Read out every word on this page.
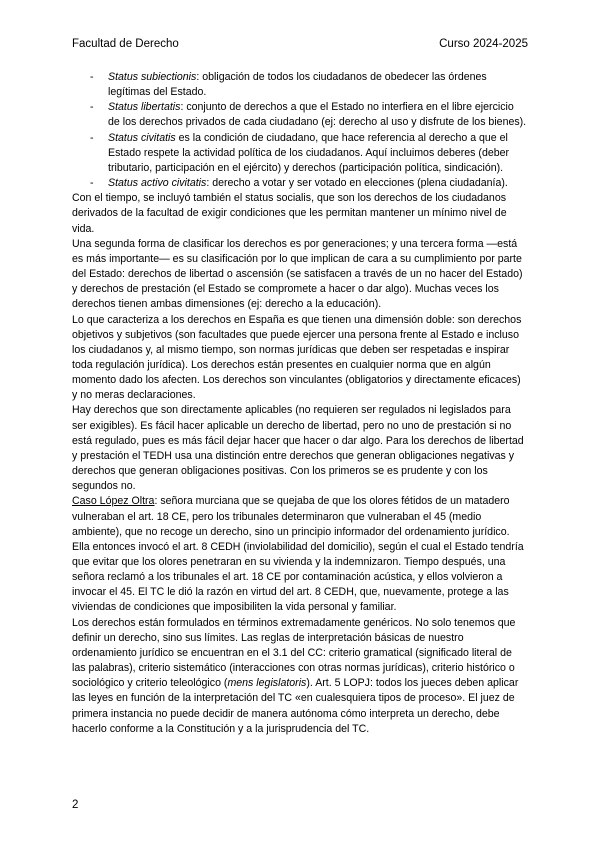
Facultad de Derecho	Curso 2024-2025
- Status subiectionis: obligación de todos los ciudadanos de obedecer las órdenes legítimas del Estado.
- Status libertatis: conjunto de derechos a que el Estado no interfiera en el libre ejercicio de los derechos privados de cada ciudadano (ej: derecho al uso y disfrute de los bienes).
- Status civitatis es la condición de ciudadano, que hace referencia al derecho a que el Estado respete la actividad política de los ciudadanos. Aquí incluimos deberes (deber tributario, participación en el ejército) y derechos (participación política, sindicación).
- Status activo civitatis: derecho a votar y ser votado en elecciones (plena ciudadanía).

Con el tiempo, se incluyó también el status socialis, que son los derechos de los ciudadanos derivados de la facultad de exigir condiciones que les permitan mantener un mínimo nivel de vida.

Una segunda forma de clasificar los derechos es por generaciones; y una tercera forma —está es más importante— es su clasificación por lo que implican de cara a su cumplimiento por parte del Estado: derechos de libertad o ascensión (se satisfacen a través de un no hacer del Estado) y derechos de prestación (el Estado se compromete a hacer o dar algo). Muchas veces los derechos tienen ambas dimensiones (ej: derecho a la educación).

Lo que caracteriza a los derechos en España es que tienen una dimensión doble: son derechos objetivos y subjetivos (son facultades que puede ejercer una persona frente al Estado e incluso los ciudadanos y, al mismo tiempo, son normas jurídicas que deben ser respetadas e inspirar toda regulación jurídica). Los derechos están presentes en cualquier norma que en algún momento dado los afecten. Los derechos son vinculantes (obligatorios y directamente eficaces) y no meras declaraciones.

Hay derechos que son directamente aplicables (no requieren ser regulados ni legislados para ser exigibles). Es fácil hacer aplicable un derecho de libertad, pero no uno de prestación si no está regulado, pues es más fácil dejar hacer que hacer o dar algo. Para los derechos de libertad y prestación el TEDH usa una distinción entre derechos que generan obligaciones negativas y derechos que generan obligaciones positivas. Con los primeros se es prudente y con los segundos no.

Caso López Oltra: señora murciana que se quejaba de que los olores fétidos de un matadero vulneraban el art. 18 CE, pero los tribunales determinaron que vulneraban el 45 (medio ambiente), que no recoge un derecho, sino un principio informador del ordenamiento jurídico. Ella entonces invocó el art. 8 CEDH (inviolabilidad del domicilio), según el cual el Estado tendría que evitar que los olores penetraran en su vivienda y la indemnizaron. Tiempo después, una señora reclamó a los tribunales el art. 18 CE por contaminación acústica, y ellos volvieron a invocar el 45. El TC le dió la razón en virtud del art. 8 CEDH, que, nuevamente, protege a las viviendas de condiciones que imposibiliten la vida personal y familiar.

Los derechos están formulados en términos extremadamente genéricos. No solo tenemos que definir un derecho, sino sus límites. Las reglas de interpretación básicas de nuestro ordenamiento jurídico se encuentran en el 3.1 del CC: criterio gramatical (significado literal de las palabras), criterio sistemático (interacciones con otras normas jurídicas), criterio histórico o sociológico y criterio teleológico (mens legislatoris). Art. 5 LOPJ: todos los jueces deben aplicar las leyes en función de la interpretación del TC «en cualesquiera tipos de proceso». El juez de primera instancia no puede decidir de manera autónoma cómo interpreta un derecho, debe hacerlo conforme a la Constitución y a la jurisprudencia del TC.

2
